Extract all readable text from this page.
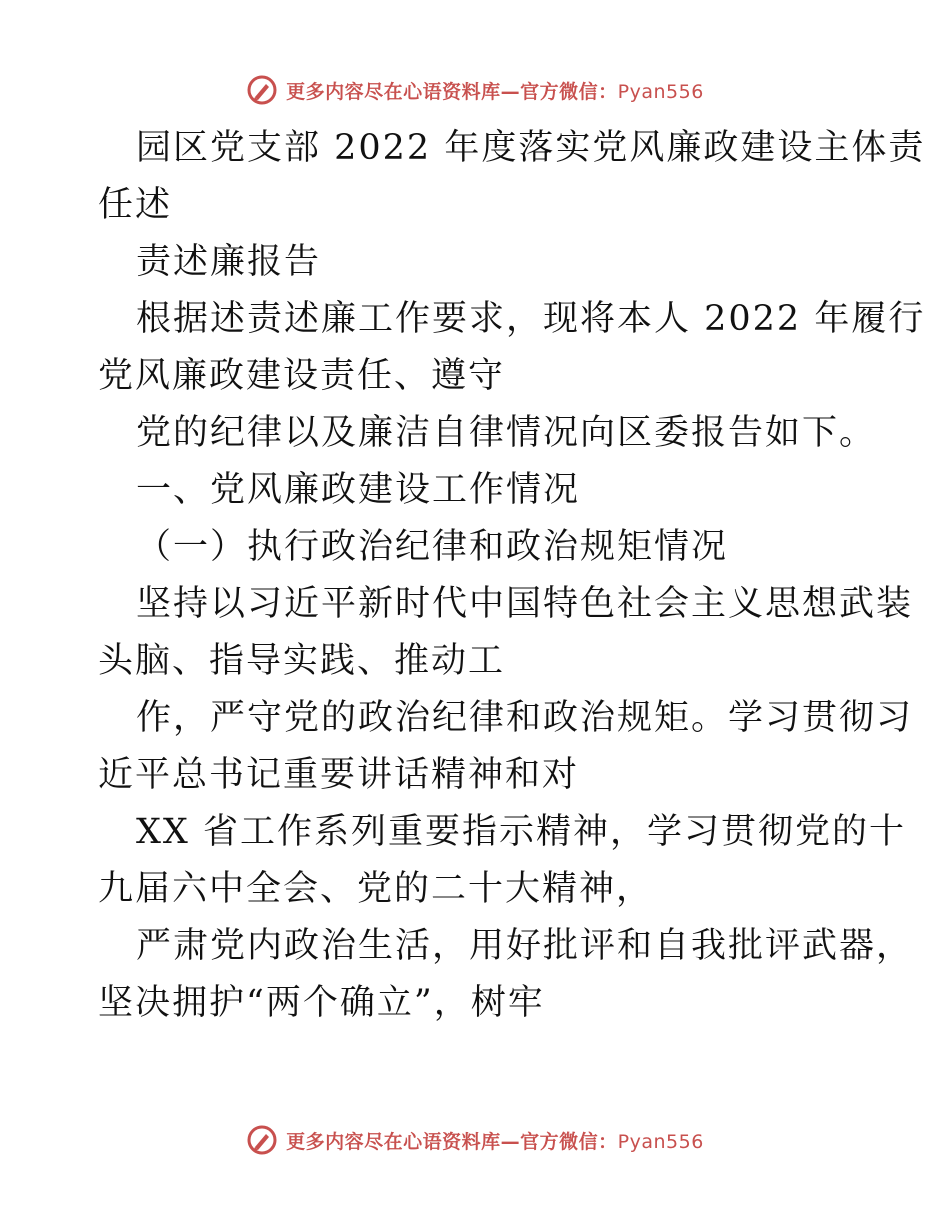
更多内容尽在心语资料库—官方微信：Pyan556
园区党支部 2022 年度落实党风廉政建设主体责
任述
责述廉报告
根据述责述廉工作要求，现将本人 2022 年履行
党风廉政建设责任、遵守
党的纪律以及廉洁自律情况向区委报告如下。
一、党风廉政建设工作情况
（一）执行政治纪律和政治规矩情况
坚持以习近平新时代中国特色社会主义思想武装
头脑、指导实践、推动工
作，严守党的政治纪律和政治规矩。学习贯彻习
近平总书记重要讲话精神和对
XX 省工作系列重要指示精神，学习贯彻党的十
九届六中全会、党的二十大精神，
严肃党内政治生活，用好批评和自我批评武器，
坚决拥护“两个确立”，树牢
更多内容尽在心语资料库—官方微信：Pyan556
